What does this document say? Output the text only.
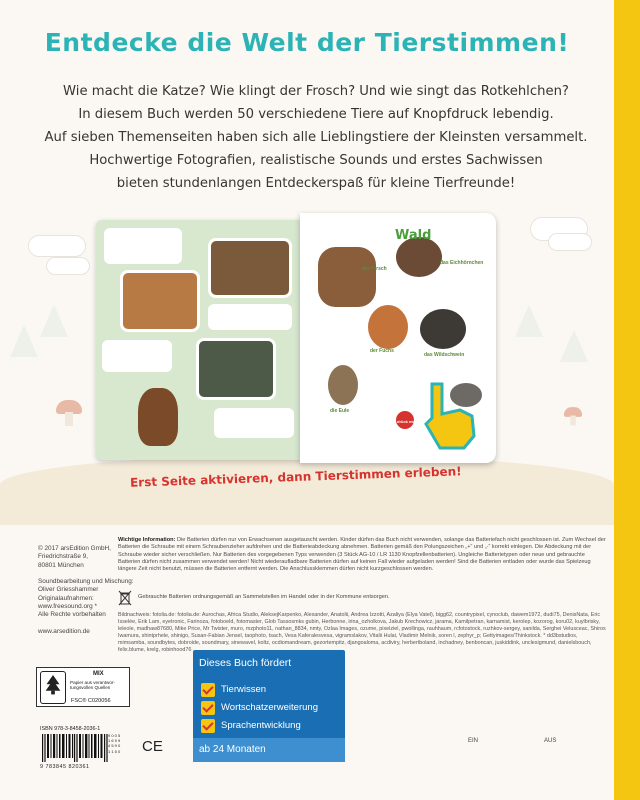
Entdecke die Welt der Tierstimmen!
Wie macht die Katze? Wie klingt der Frosch? Und wie singt das Rotkehlchen?
In diesem Buch werden 50 verschiedene Tiere auf Knopfdruck lebendig.
Auf sieben Themenseiten haben sich alle Lieblingstiere der Kleinsten versammelt.
Hochwertige Fotografien, realistische Sounds und erstes Sachwissen
bieten stundenlangen Entdeckerspaß für kleine Tierfreunde!
Wald
der Hirsch
das Eichhörnchen
der Fuchs
das Wildschwein
die Eule
drück mich
Erst Seite aktivieren, dann Tierstimmen erleben!
© 2017 arsEdition GmbH,
Friedrichstraße 9,
80801 München

Soundbearbeitung und Mischung:
Oliver Griesshammer
Originalaufnahmen:
www.freesound.org *
Alle Rechte vorbehalten

www.arsedition.de
Wichtige Information: Die Batterien dürfen nur von Erwachsenen ausgetauscht werden. Kinder dürfen das Buch nicht verwenden, solange das Batteriefach nicht geschlossen ist. Zum Wechsel der Batterien die Schraube mit einem Schraubenzieher aufdrehen und die Batterieabdeckung abnehmen. Batterien gemäß den Polungszeichen „+“ und „-“ korrekt einlegen. Die Abdeckung mit der Schraube wieder sicher verschließen. Nur Batterien des vorgegebenen Typs verwenden (3 Stück AG-10 / LR 1130 Knopfzellenbatterien). Ungleiche Batterietypen oder neue und gebrauchte Batterien dürfen nicht zusammen verwendet werden! Nicht wiederaufladbare Batterien dürfen auf keinen Fall wieder aufgeladen werden! Sind die Batterien entladen oder wurde das Spielzeug längere Zeit nicht benutzt, müssen die Batterien entfernt werden. Die Anschlussklemmen dürfen nicht kurzgeschlossen werden.
Gebrauchte Batterien ordnungsgemäß an Sammelstellen im Handel oder in der Kommune entsorgen.
Bildnachweis: fotolia.de: fotolia.de: Aurochas, Africa Studio, AleksejKarpenko, Alexander, Anatolii, Andrea Izzotti, Azaliya (Elya Vatel), bigg62, countrypixel, cynoclub, dawem1972, dudi75, DenisNata, Eric Isselée, Erik Lam, eyetronic, Farinoza, fotoboeld, fotomaster, Glob Tassosmks gubin, Herbonne, irina_ozholkova, Jakub Krechowicz, jarama, Kamilpetran, karnamist, kerolep, kozorog, koru02, kuylbrisky, leleole, madhaw87680, Mike Price, Mr Twister, muro, mzphoto11, nathan_8834, nmty, Ozlaa Images, ozume, pixelziel, pwollinga, rauhhaum, rcfotostock, ruzhkov-sergey, sanilda, Serghei Velusceac, Shiros Iwamura, shintprhele, shinigo, Susan-Fabian Jensel, taophoto, tsach, Vesa Kaferalesvesa, vigramslakov, Vitalii Hulai, Vladimir Melnik, soren l, zephyr_p; Gettyimages/Thinkstock. * dd3bstudios, mimsamba, soundbytes, dobroide, soundmary, sinewavel, koltz, ocdiomandream, gezortempitz, djangoaloma, acdiviry, herbertboland, inchadney, benboncan, juskiddink, unclesigmund, danielsbouch, felix.blume, krelg, robinhood76
MIX
Papier aus verantwor-
tungsvollen Quellen
FSC® C020056
ISBN 978-3-8458-2036-1
9 783845 820361
9 0 0 5
1 6 9 9
4 5 9 0
1 1 5 0	CE
Dieses Buch fördert
Tierwissen
Wortschatzerweiterung
Sprachentwicklung
ab 24 Monaten
EIN	AUS
